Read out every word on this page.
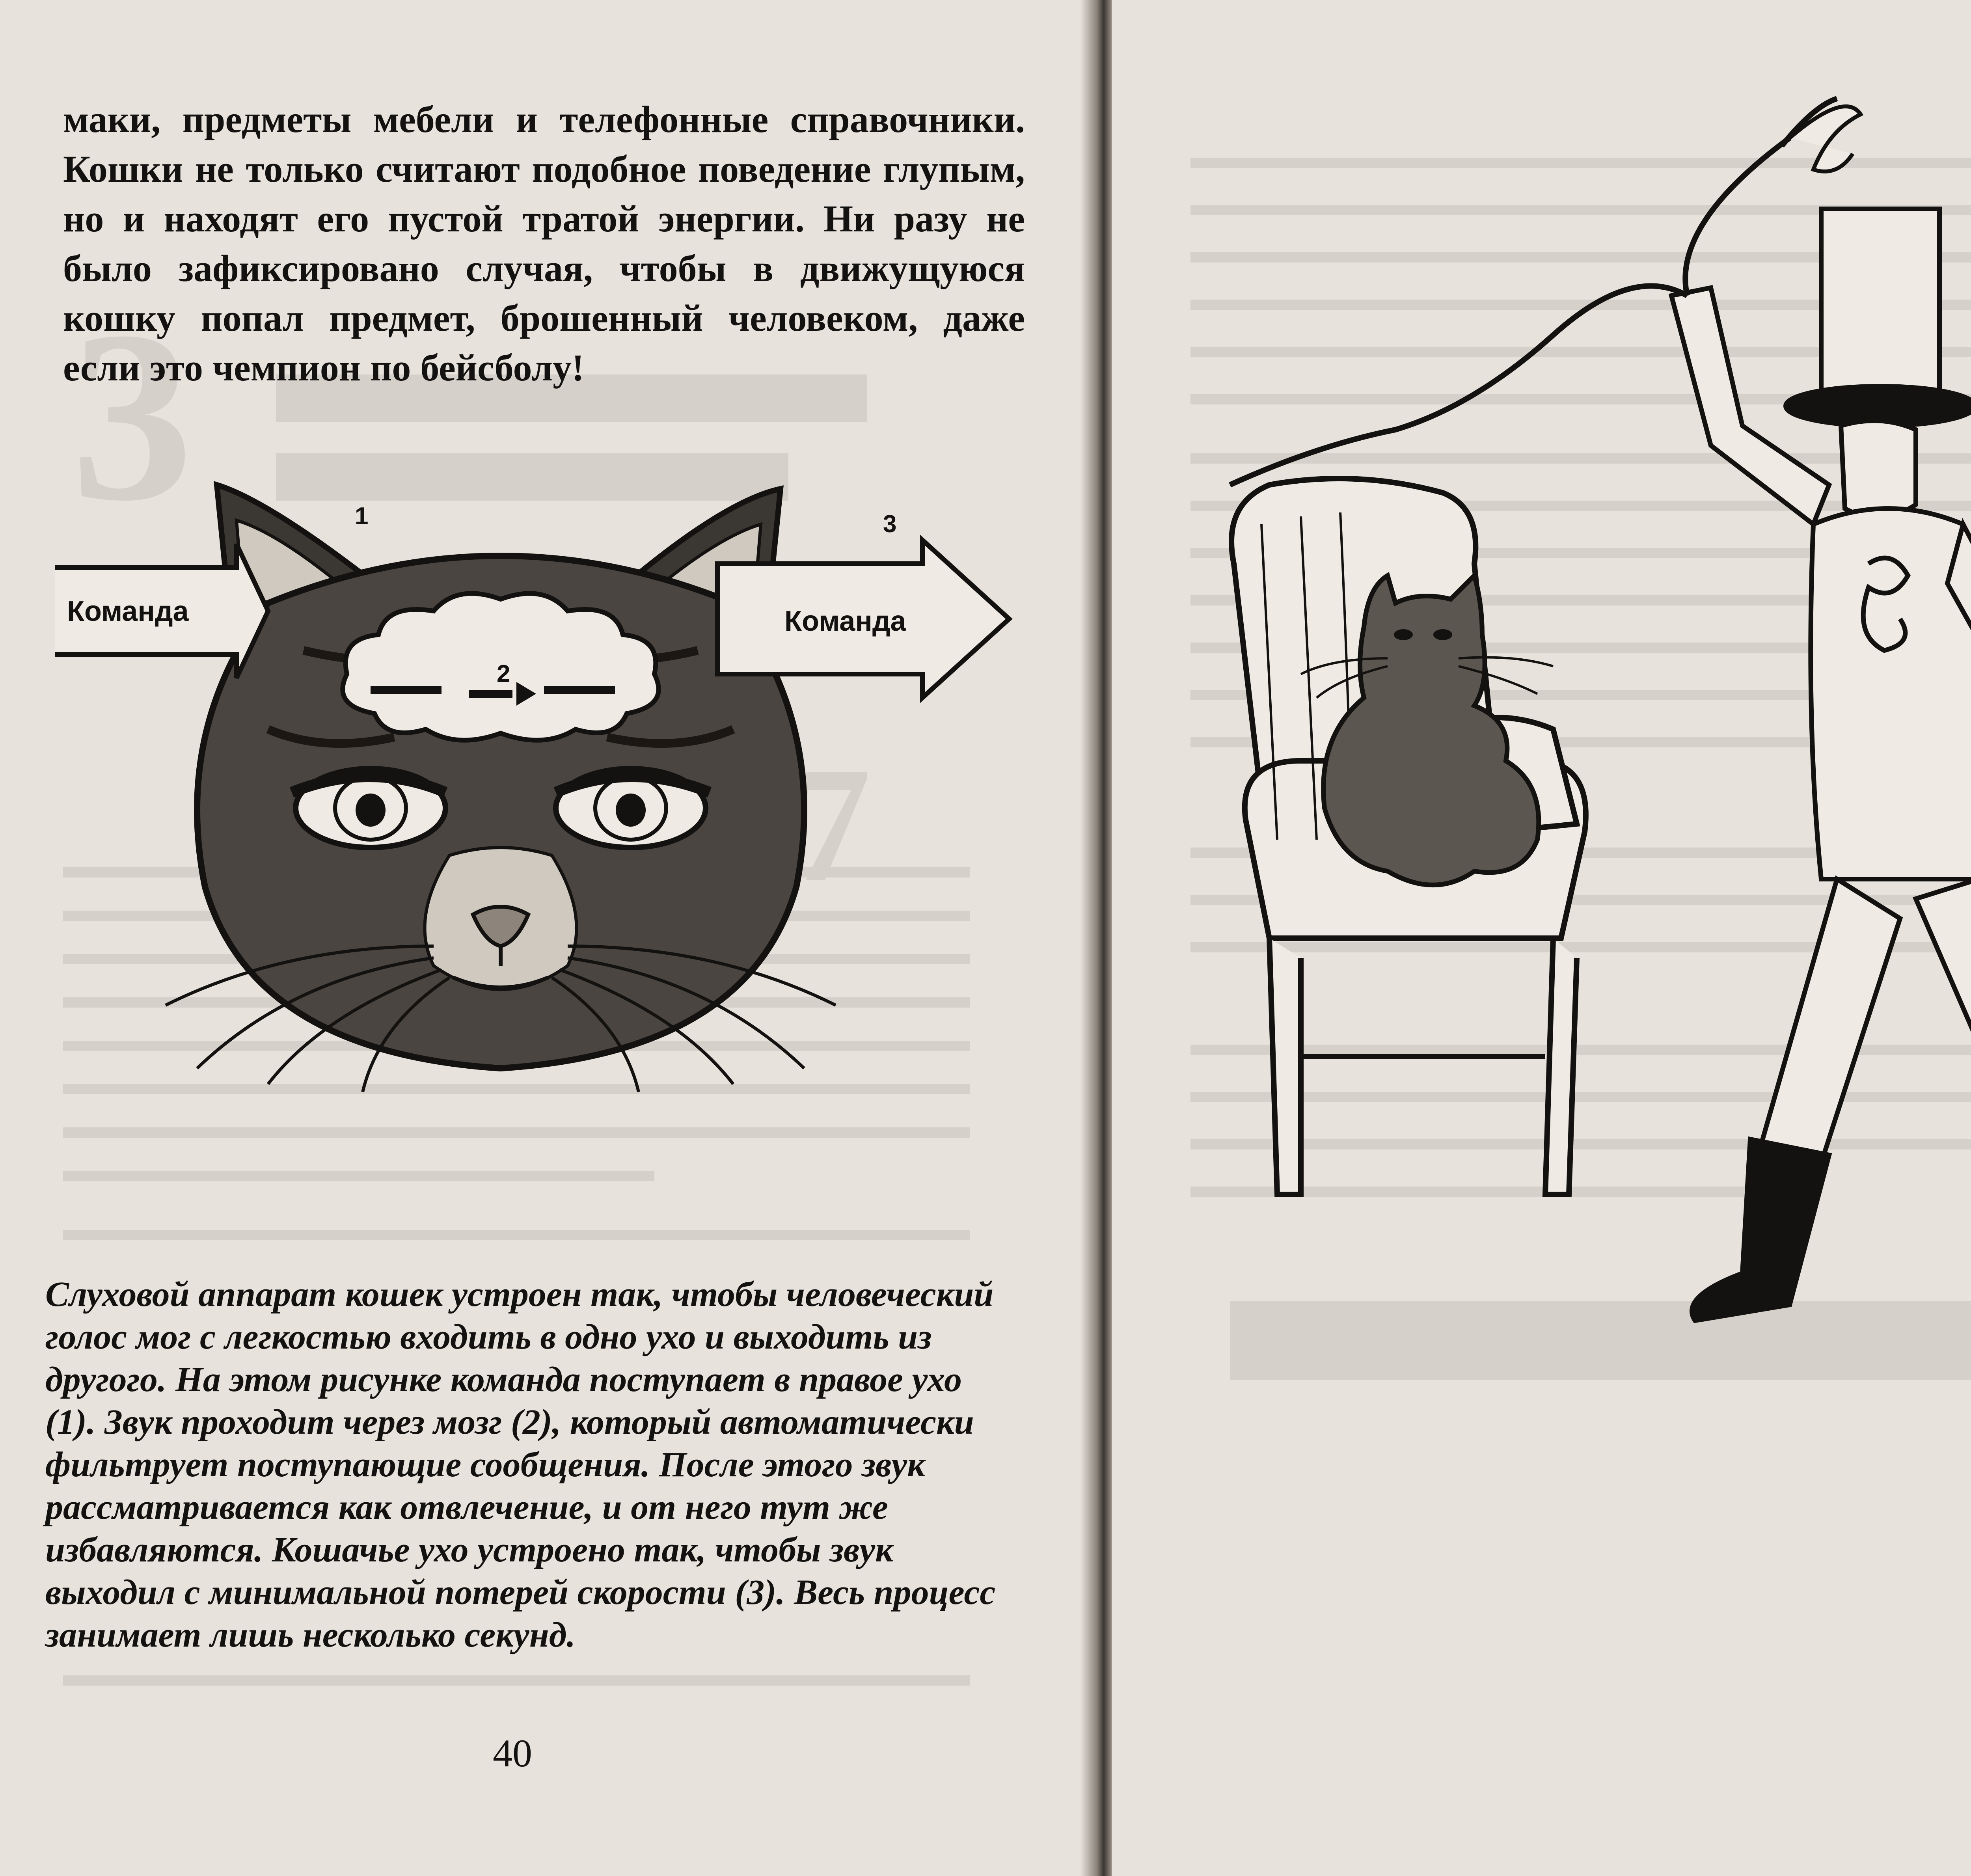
3
7

маки, предметы мебели и телефонные справочники. Кошки не только считают подобное поведение глупым, но и находят его пустой тратой энергии. Ни разу не было зафиксировано случая, чтобы в движущуюся кошку попал предмет, брошенный человеком, даже если это чемпион по бейсболу!

2
Команда	Команда
1	3
Слуховой аппарат кошек устроен так, чтобы человеческий голос мог с легкостью входить в одно ухо и выходить из другого. На этом рисунке команда поступает в правое ухо (1). Звук проходит через мозг (2), который автоматически фильтрует поступающие сообщения. После этого звук рассматривается как отвлечение, и от него тут же избавляются. Кошачье ухо устроено так, чтобы звук выходил с минимальной потерей скорости (3). Весь процесс занимает лишь несколько секунд.
40
